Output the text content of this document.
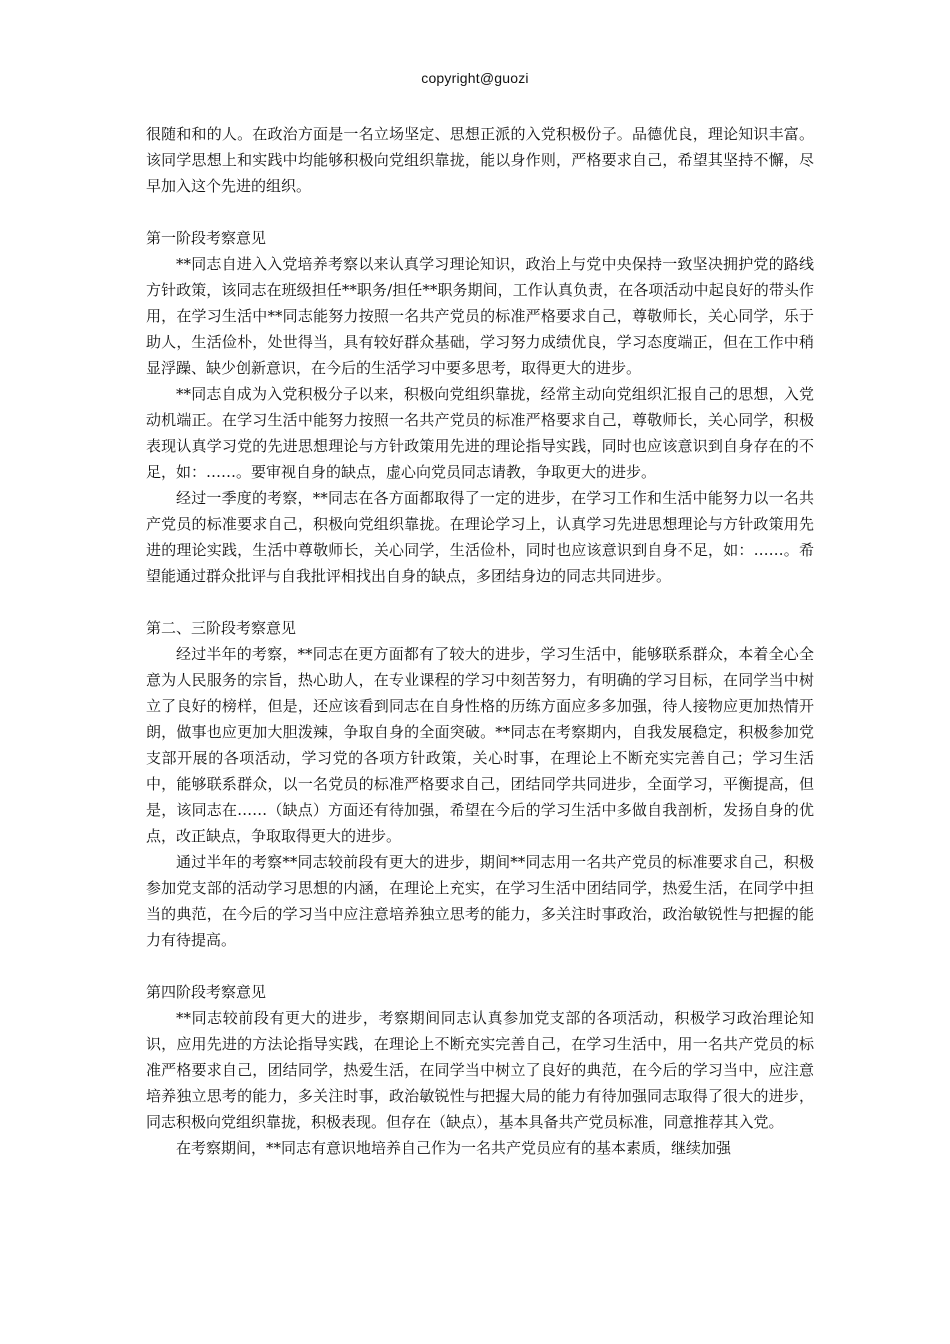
copyright@guozi

很随和和的人。在政治方面是一名立场坚定、思想正派的入党积极份子。品德优良，理论知识丰富。该同学思想上和实践中均能够积极向党组织靠拢，能以身作则，严格要求自己，希望其坚持不懈，尽早加入这个先进的组织。

第一阶段考察意见

**同志自进入入党培养考察以来认真学习理论知识，政治上与党中央保持一致坚决拥护党的路线方针政策，该同志在班级担任**职务/担任**职务期间，工作认真负责，在各项活动中起良好的带头作用，在学习生活中**同志能努力按照一名共产党员的标准严格要求自己，尊敬师长，关心同学，乐于助人，生活俭朴，处世得当，具有较好群众基础，学习努力成绩优良，学习态度端正，但在工作中稍显浮躁、缺少创新意识，在今后的生活学习中要多思考，取得更大的进步。

**同志自成为入党积极分子以来，积极向党组织靠拢，经常主动向党组织汇报自己的思想，入党动机端正。在学习生活中能努力按照一名共产党员的标准严格要求自己，尊敬师长，关心同学，积极表现认真学习党的先进思想理论与方针政策用先进的理论指导实践，同时也应该意识到自身存在的不足，如：……。要审视自身的缺点，虚心向党员同志请教，争取更大的进步。

经过一季度的考察，**同志在各方面都取得了一定的进步，在学习工作和生活中能努力以一名共产党员的标准要求自己，积极向党组织靠拢。在理论学习上，认真学习先进思想理论与方针政策用先进的理论实践，生活中尊敬师长，关心同学，生活俭朴，同时也应该意识到自身不足，如：……。希望能通过群众批评与自我批评相找出自身的缺点，多团结身边的同志共同进步。

第二、三阶段考察意见

经过半年的考察，**同志在更方面都有了较大的进步，学习生活中，能够联系群众，本着全心全意为人民服务的宗旨，热心助人，在专业课程的学习中刻苦努力，有明确的学习目标，在同学当中树立了良好的榜样，但是，还应该看到同志在自身性格的历练方面应多多加强，待人接物应更加热情开朗，做事也应更加大胆泼辣，争取自身的全面突破。**同志在考察期内，自我发展稳定，积极参加党支部开展的各项活动，学习党的各项方针政策，关心时事，在理论上不断充实完善自己；学习生活中，能够联系群众，以一名党员的标准严格要求自己，团结同学共同进步，全面学习，平衡提高，但是，该同志在……（缺点）方面还有待加强，希望在今后的学习生活中多做自我剖析，发扬自身的优点，改正缺点，争取取得更大的进步。

通过半年的考察**同志较前段有更大的进步，期间**同志用一名共产党员的标准要求自己，积极参加党支部的活动学习思想的内涵，在理论上充实，在学习生活中团结同学，热爱生活，在同学中担当的典范，在今后的学习当中应注意培养独立思考的能力，多关注时事政治，政治敏锐性与把握的能力有待提高。

第四阶段考察意见

**同志较前段有更大的进步，考察期间同志认真参加党支部的各项活动，积极学习政治理论知识，应用先进的方法论指导实践，在理论上不断充实完善自己，在学习生活中，用一名共产党员的标准严格要求自己，团结同学，热爱生活，在同学当中树立了良好的典范，在今后的学习当中，应注意培养独立思考的能力，多关注时事，政治敏锐性与把握大局的能力有待加强同志取得了很大的进步，同志积极向党组织靠拢，积极表现。但存在（缺点），基本具备共产党员标准，同意推荐其入党。

在考察期间，**同志有意识地培养自己作为一名共产党员应有的基本素质，继续加强
